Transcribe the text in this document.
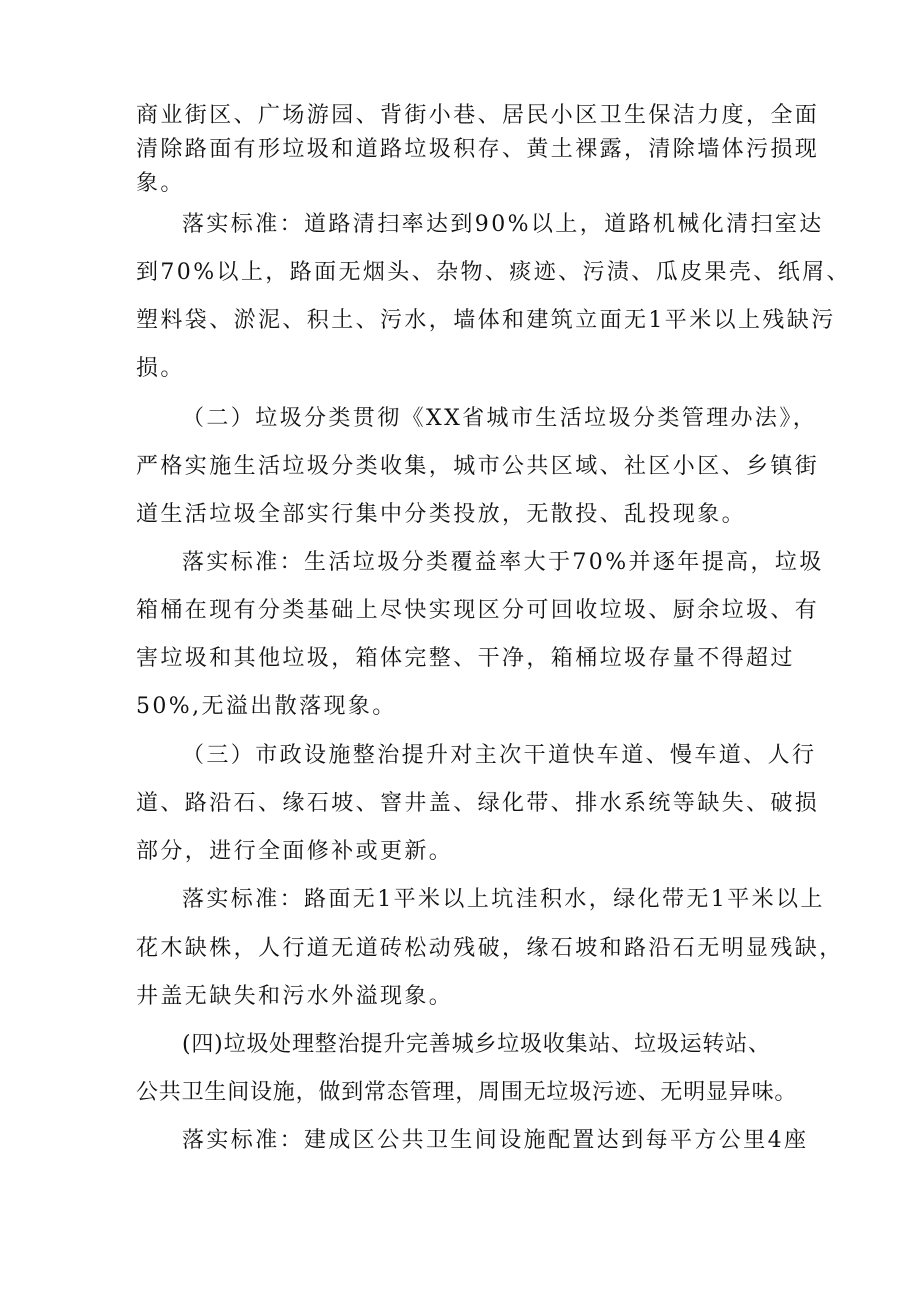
商业街区、广场游园、背街小巷、居民小区卫生保洁力度，全面
清除路面有形垃圾和道路垃圾积存、黄土裸露，清除墙体污损现
象。
落实标准：道路清扫率达到90%以上，道路机械化清扫室达
到70%以上，路面无烟头、杂物、痰迹、污渍、瓜皮果壳、纸屑、
塑料袋、淤泥、积土、污水，墙体和建筑立面无1平米以上残缺污
损。
（二）垃圾分类贯彻《XX省城市生活垃圾分类管理办法》，
严格实施生活垃圾分类收集，城市公共区域、社区小区、乡镇街
道生活垃圾全部实行集中分类投放，无散投、乱投现象。
落实标准：生活垃圾分类覆益率大于70%并逐年提高，垃圾
箱桶在现有分类基础上尽快实现区分可回收垃圾、厨余垃圾、有
害垃圾和其他垃圾，箱体完整、干净，箱桶垃圾存量不得超过
50%,无溢出散落现象。
（三）市政设施整治提升对主次干道快车道、慢车道、人行
道、路沿石、缘石坡、窨井盖、绿化带、排水系统等缺失、破损
部分，进行全面修补或更新。
落实标准：路面无1平米以上坑洼积水，绿化带无1平米以上
花木缺株，人行道无道砖松动残破，缘石坡和路沿石无明显残缺，
井盖无缺失和污水外溢现象。
(四)垃圾处理整治提升完善城乡垃圾收集站、垃圾运转站、
公共卫生间设施，做到常态管理，周围无垃圾污迹、无明显异味。
落实标准：建成区公共卫生间设施配置达到每平方公里4座
